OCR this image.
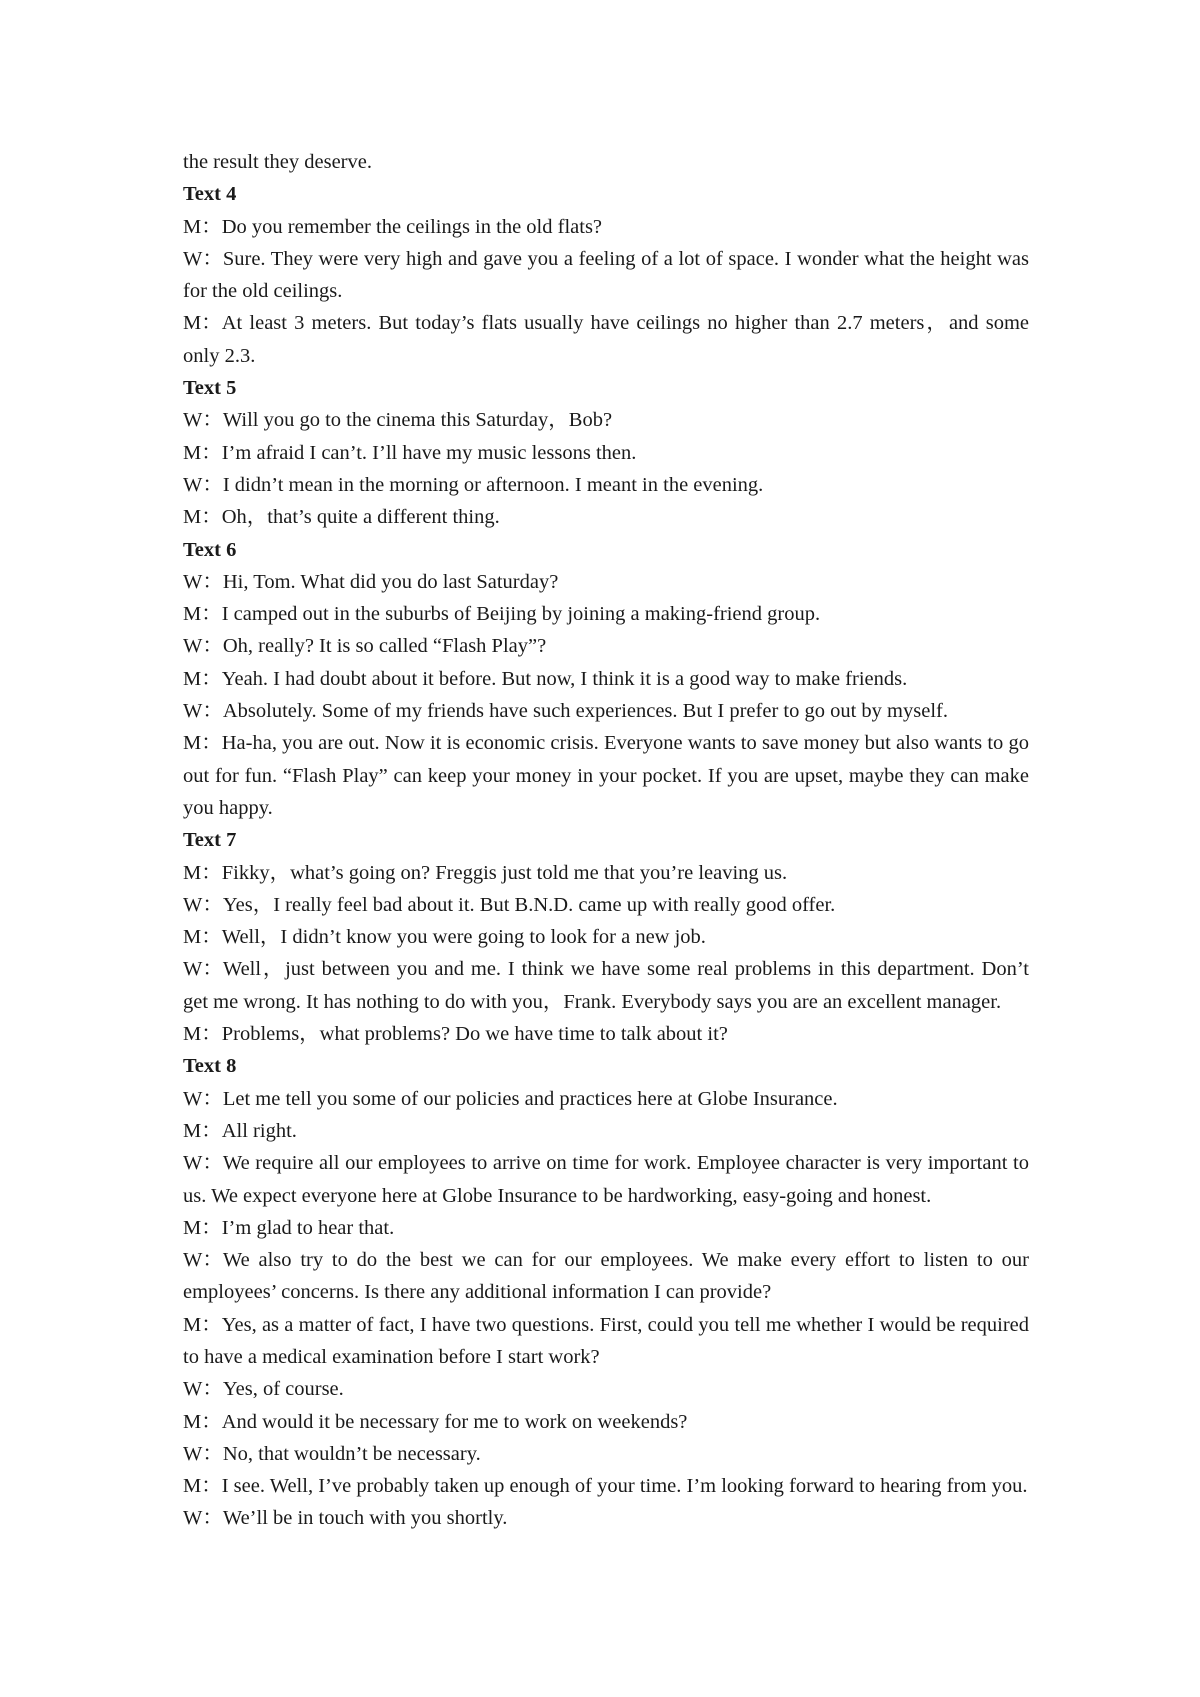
the result they deserve.

Text 4

M：Do you remember the ceilings in the old flats?

W：Sure. They were very high and gave you a feeling of a lot of space. I wonder what the height was for the old ceilings.

M：At least 3 meters. But today’s flats usually have ceilings no higher than 2.7 meters，and some only 2.3.

Text 5

W：Will you go to the cinema this Saturday，Bob?

M：I’m afraid I can’t. I’ll have my music lessons then.

W：I didn’t mean in the morning or afternoon. I meant in the evening.

M：Oh，that’s quite a different thing.

Text 6

W：Hi, Tom. What did you do last Saturday?

M：I camped out in the suburbs of Beijing by joining a making-friend group.

W：Oh, really? It is so called “Flash Play”?

M：Yeah. I had doubt about it before. But now, I think it is a good way to make friends.

W：Absolutely. Some of my friends have such experiences. But I prefer to go out by myself.

M：Ha-ha, you are out. Now it is economic crisis. Everyone wants to save money but also wants to go out for fun. “Flash Play” can keep your money in your pocket. If you are upset, maybe they can make you happy.

Text 7

M：Fikky，what’s going on? Freggis just told me that you’re leaving us.

W：Yes，I really feel bad about it. But B.N.D. came up with really good offer.

M：Well，I didn’t know you were going to look for a new job.

W：Well，just between you and me. I think we have some real problems in this department. Don’t get me wrong. It has nothing to do with you，Frank. Everybody says you are an excellent manager.

M：Problems，what problems? Do we have time to talk about it?

Text 8

W：Let me tell you some of our policies and practices here at Globe Insurance.

M：All right.

W：We require all our employees to arrive on time for work. Employee character is very important to us. We expect everyone here at Globe Insurance to be hardworking, easy-going and honest.

M：I’m glad to hear that.

W：We also try to do the best we can for our employees. We make every effort to listen to our employees’ concerns. Is there any additional information I can provide?

M：Yes, as a matter of fact, I have two questions. First, could you tell me whether I would be required to have a medical examination before I start work?

W：Yes, of course.

M：And would it be necessary for me to work on weekends?

W：No, that wouldn’t be necessary.

M：I see. Well, I’ve probably taken up enough of your time. I’m looking forward to hearing from you.

W：We’ll be in touch with you shortly.
